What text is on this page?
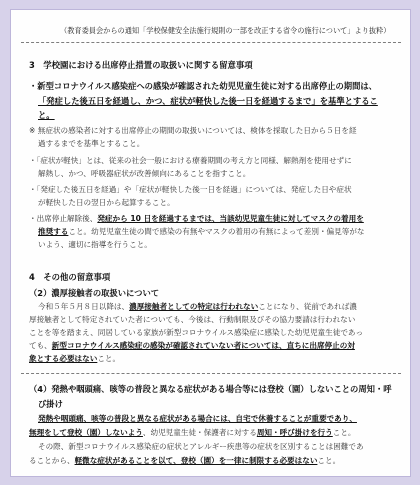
（教育委員会からの通知「学校保健安全法施行規則の一部を改正する省令の施行について」より抜粋）
3　学校園における出席停止措置の取扱いに関する留意事項
・新型コロナウイルス感染症への感染が確認された幼児児童生徒に対する出席停止の期間は、
「発症した後五日を経過し、かつ、症状が軽快した後一日を経過するまで」を基準とするこ
と。
※ 無症状の感染者に対する出席停止の期間の取扱いについては、検体を採取した日から５日を経
過するまでを基準とすること。
・「症状が軽快」とは、従来の社会一般における療養期間の考え方と同様、解熱剤を使用せずに
解熱し、かつ、呼吸器症状が改善傾向にあることを指すこと。
・「発症した後五日を経過」や「症状が軽快した後一日を経過」については、発症した日や症状
が軽快した日の翌日から起算すること。
・出席停止解除後、発症から 10 日を経過するまでは、当該幼児児童生徒に対してマスクの着用を
推奨すること。幼児児童生徒の間で感染の有無やマスクの着用の有無によって差別・偏見等がな
いよう、適切に指導を行うこと。
4　その他の留意事項
（2）濃厚接触者の取扱いについて
今和５年５月８日以降は、濃厚接触者としての特定は行われないことになり、従前であれば濃
厚接触者として特定されていた者についても、今後は、行動制限及びその協力要請は行われない
ことを等を踏まえ、同居している家族が新型コロナウイルス感染症に感染した幼児児童生徒であっ
ても、新型コロナウイルス感染症の感染が確認されていない者については、直ちに出席停止の対
象とする必要はないこと。
（4）発熱や咽頭痛、咳等の普段と異なる症状がある場合等には登校（園）しないことの周知・呼
び掛け
発熱や咽頭痛、咳等の普段と異なる症状がある場合には、自宅で休養することが重要であり、
無理をして登校（園）しないよう、幼児児童生徒・保護者に対する周知・呼び掛けを行うこと。
その際、新型コロナウイルス感染症の症状とアレルギー疾患等の症状を区別することは困難であ
ることから、軽微な症状があることを以て、登校（園）を一律に制限する必要はないこと。
